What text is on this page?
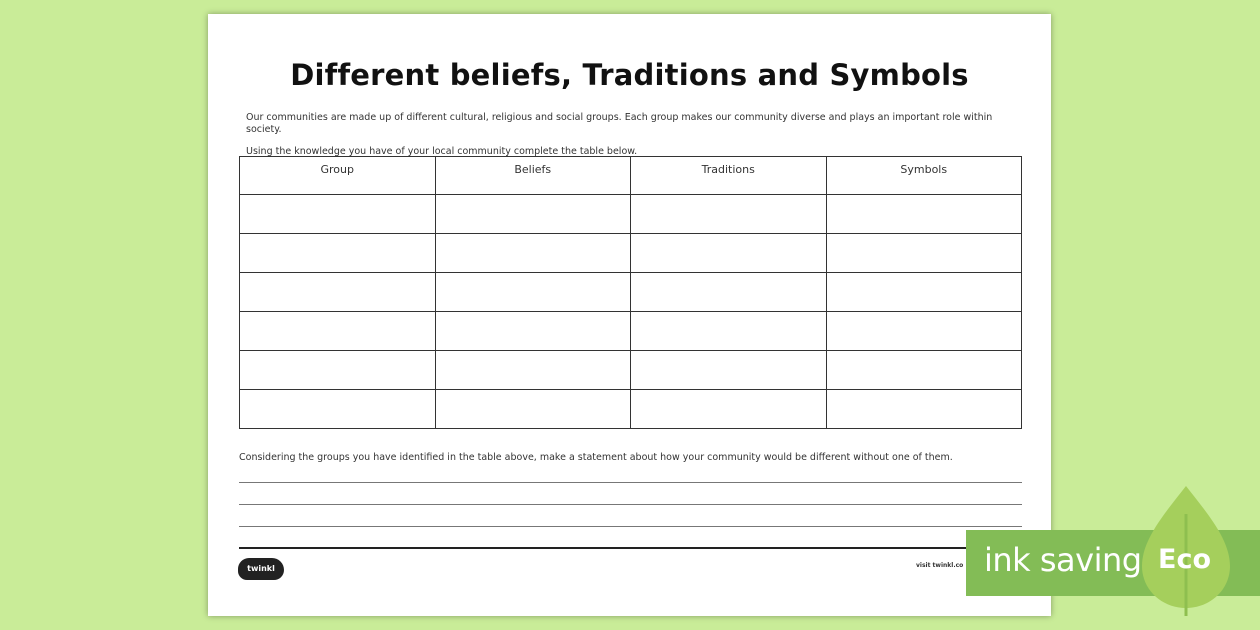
Different beliefs, Traditions and Symbols

Our communities are made up of different cultural, religious and social groups. Each group makes our community diverse and plays an important role within society.

Using the knowledge you have of your local community complete the table below.

Group	Beliefs	Traditions	Symbols

Considering the groups you have identified in the table above, make a statement about how your community would be different without one of them.

twinkl	visit twinkl.co ink saving Eco
